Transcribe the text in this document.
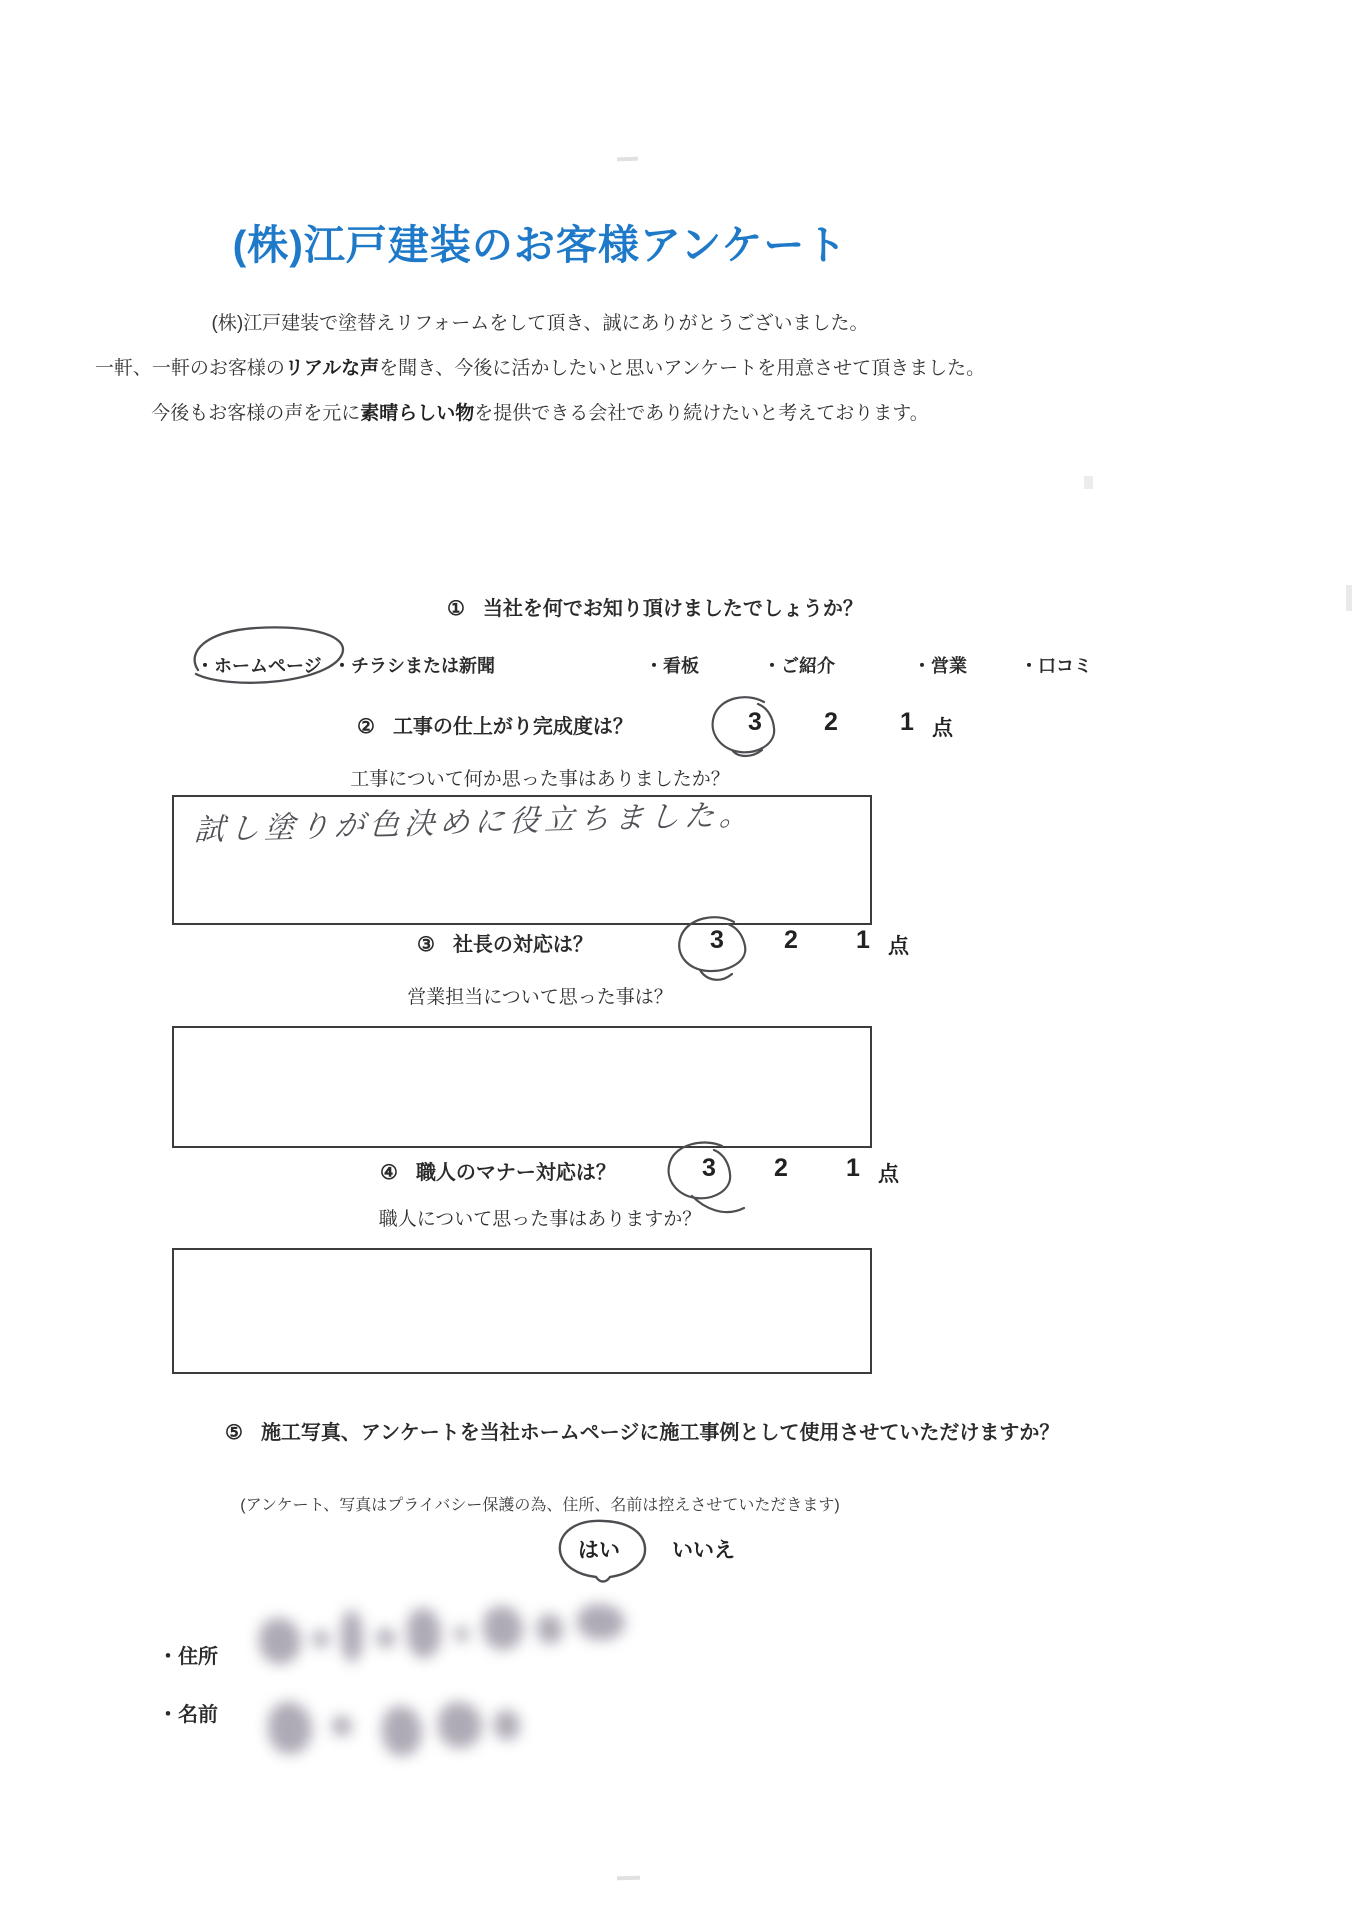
(株)江戸建装のお客様アンケート

(株)江戸建装で塗替えリフォームをして頂き、誠にありがとうございました。

一軒、一軒のお客様のリアルな声を聞き、今後に活かしたいと思いアンケートを用意させて頂きました。

今後もお客様の声を元に素晴らしい物を提供できる会社であり続けたいと考えております。

① 当社を何でお知り頂けましたでしょうか？
・ホームページ ・チラシまたは新聞	・看板	・ご紹介	・営業	・口コミ
② 工事の仕上がり完成度は？	3 2 1 点

工事について何か思った事はありましたか？

試し塗りが色決めに役立ちました。
③ 社長の対応は？	3 2 1 点

営業担当について思った事は？

④ 職人のマナー対応は？	3 2 1 点

職人について思った事はありますか？

⑤ 施工写真、アンケートを当社ホームページに施工事例として使用させていただけますか？

(アンケート、写真はプライバシー保護の為、住所、名前は控えさせていただきます)

はい いいえ
・住所
・名前
